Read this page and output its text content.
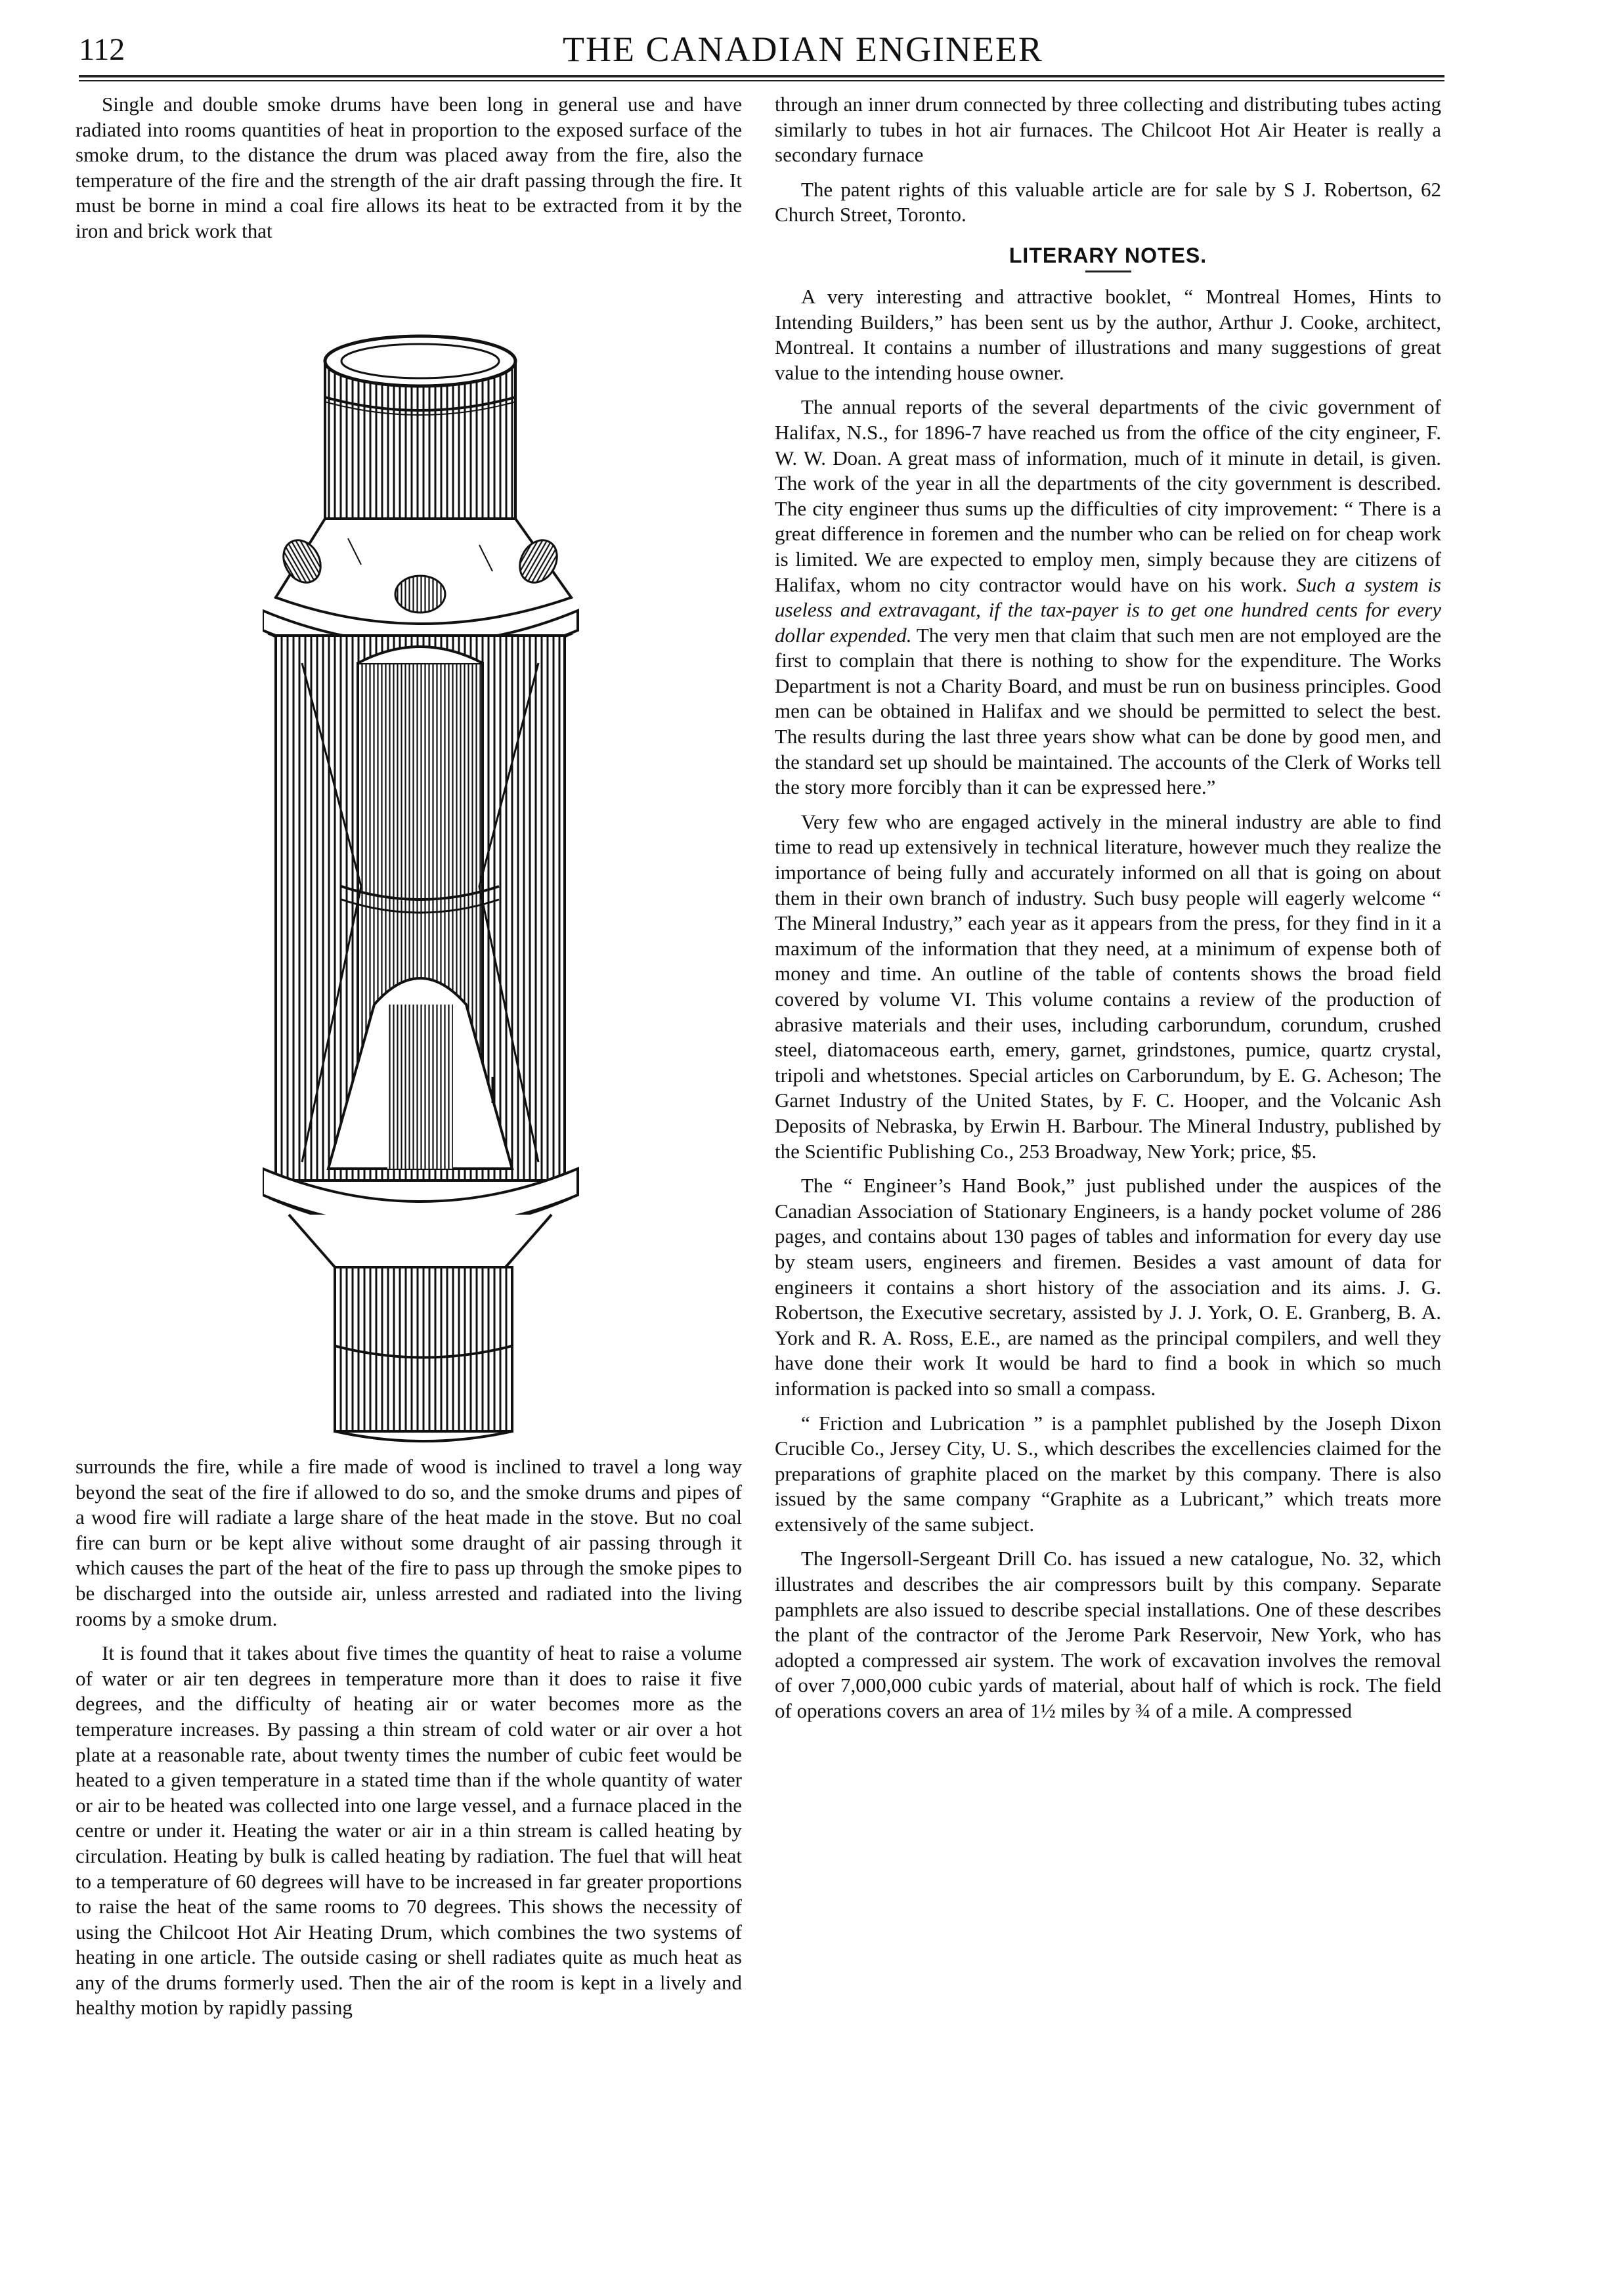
112	THE CANADIAN ENGINEER

Single and double smoke drums have been long in general use and have radiated into rooms quantities of heat in proportion to the exposed surface of the smoke drum, to the distance the drum was placed away from the fire, also the temperature of the fire and the strength of the air draft passing through the fire. It must be borne in mind a coal fire allows its heat to be extracted from it by the iron and brick work that

surrounds the fire, while a fire made of wood is inclined to travel a long way beyond the seat of the fire if allowed to do so, and the smoke drums and pipes of a wood fire will radiate a large share of the heat made in the stove. But no coal fire can burn or be kept alive without some draught of air passing through it which causes the part of the heat of the fire to pass up through the smoke pipes to be discharged into the outside air, unless arrested and radiated into the living rooms by a smoke drum.

It is found that it takes about five times the quantity of heat to raise a volume of water or air ten degrees in temperature more than it does to raise it five degrees, and the difficulty of heating air or water becomes more as the temperature increases. By passing a thin stream of cold water or air over a hot plate at a reasonable rate, about twenty times the number of cubic feet would be heated to a given temperature in a stated time than if the whole quantity of water or air to be heated was collected into one large vessel, and a furnace placed in the centre or under it. Heating the water or air in a thin stream is called heating by circulation. Heating by bulk is called heating by radiation. The fuel that will heat to a temperature of 60 degrees will have to be increased in far greater proportions to raise the heat of the same rooms to 70 degrees. This shows the necessity of using the Chilcoot Hot Air Heating Drum, which combines the two systems of heating in one article. The outside casing or shell radiates quite as much heat as any of the drums formerly used. Then the air of the room is kept in a lively and healthy motion by rapidly passing

through an inner drum connected by three collecting and distributing tubes acting similarly to tubes in hot air furnaces. The Chilcoot Hot Air Heater is really a secondary furnace

The patent rights of this valuable article are for sale by S J. Robertson, 62 Church Street, Toronto.

LITERARY NOTES.

A very interesting and attractive booklet, “ Montreal Homes, Hints to Intending Builders,” has been sent us by the author, Arthur J. Cooke, architect, Montreal. It contains a number of illustrations and many suggestions of great value to the intending house owner.

The annual reports of the several departments of the civic government of Halifax, N.S., for 1896-7 have reached us from the office of the city engineer, F. W. W. Doan. A great mass of information, much of it minute in detail, is given. The work of the year in all the departments of the city government is described. The city engineer thus sums up the difficulties of city improvement: “ There is a great difference in foremen and the number who can be relied on for cheap work is limited. We are expected to employ men, simply because they are citizens of Halifax, whom no city contractor would have on his work. Such a system is useless and extravagant, if the tax-payer is to get one hundred cents for every dollar expended. The very men that claim that such men are not employed are the first to complain that there is nothing to show for the expenditure. The Works Department is not a Charity Board, and must be run on business principles. Good men can be obtained in Halifax and we should be permitted to select the best. The results during the last three years show what can be done by good men, and the standard set up should be maintained. The accounts of the Clerk of Works tell the story more forcibly than it can be expressed here.”

Very few who are engaged actively in the mineral industry are able to find time to read up extensively in technical literature, however much they realize the importance of being fully and accurately informed on all that is going on about them in their own branch of industry. Such busy people will eagerly welcome “ The Mineral Industry,” each year as it appears from the press, for they find in it a maximum of the information that they need, at a minimum of expense both of money and time. An outline of the table of contents shows the broad field covered by volume VI. This volume contains a review of the production of abrasive materials and their uses, including carborundum, corundum, crushed steel, diatomaceous earth, emery, garnet, grindstones, pumice, quartz crystal, tripoli and whetstones. Special articles on Carborundum, by E. G. Acheson; The Garnet Industry of the United States, by F. C. Hooper, and the Volcanic Ash Deposits of Nebraska, by Erwin H. Barbour. The Mineral Industry, published by the Scientific Publishing Co., 253 Broadway, New York; price, $5.

The “ Engineer’s Hand Book,” just published under the auspices of the Canadian Association of Stationary Engineers, is a handy pocket volume of 286 pages, and contains about 130 pages of tables and information for every day use by steam users, engineers and firemen. Besides a vast amount of data for engineers it contains a short history of the association and its aims. J. G. Robertson, the Executive secretary, assisted by J. J. York, O. E. Granberg, B. A. York and R. A. Ross, E.E., are named as the principal compilers, and well they have done their work It would be hard to find a book in which so much information is packed into so small a compass.

“ Friction and Lubrication ” is a pamphlet published by the Joseph Dixon Crucible Co., Jersey City, U. S., which describes the excellencies claimed for the preparations of graphite placed on the market by this company. There is also issued by the same company “Graphite as a Lubricant,” which treats more extensively of the same subject.

The Ingersoll-Sergeant Drill Co. has issued a new catalogue, No. 32, which illustrates and describes the air compressors built by this company. Separate pamphlets are also issued to describe special installations. One of these describes the plant of the contractor of the Jerome Park Reservoir, New York, who has adopted a compressed air system. The work of excavation involves the removal of over 7,000,000 cubic yards of material, about half of which is rock. The field of operations covers an area of 1½ miles by ¾ of a mile. A compressed
